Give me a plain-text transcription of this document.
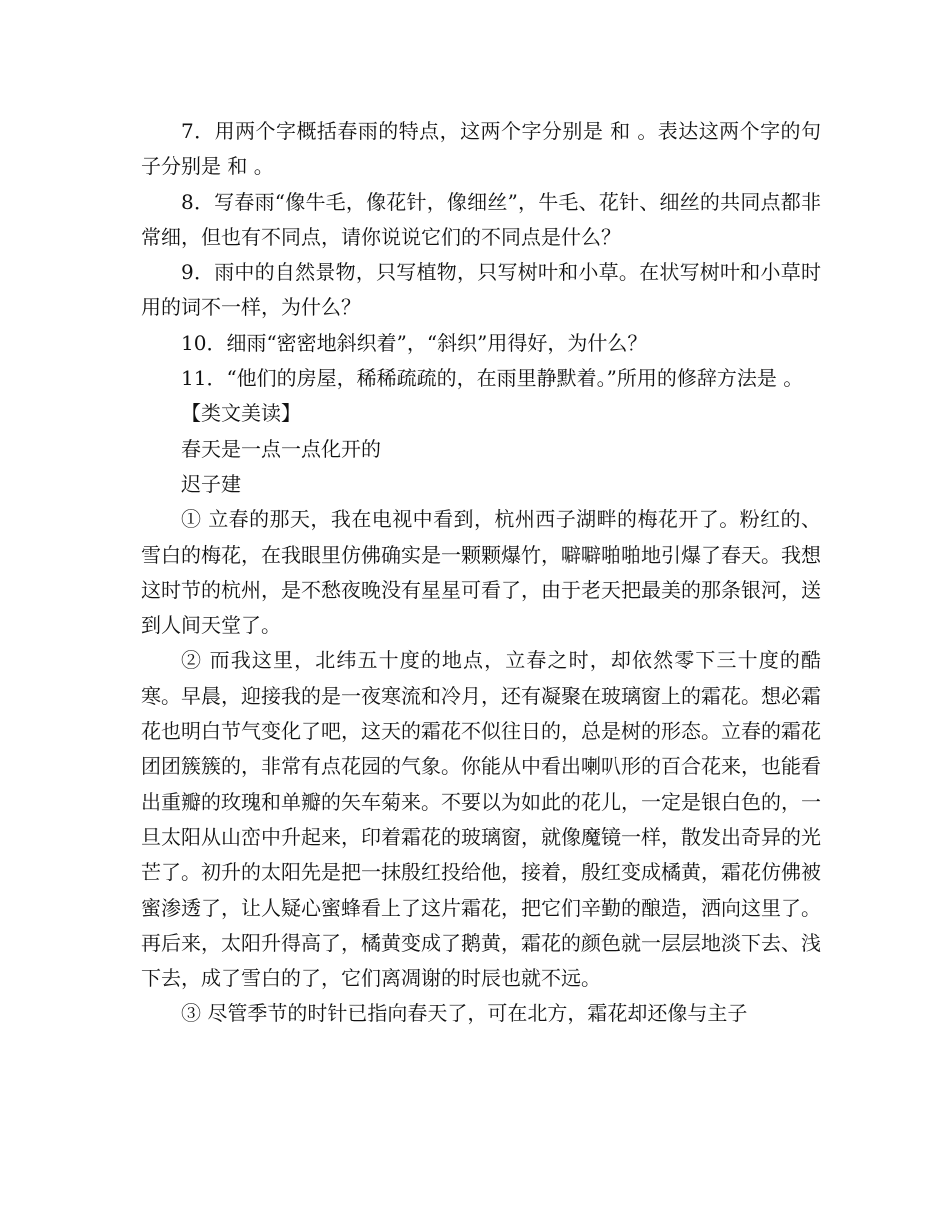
7．用两个字概括春雨的特点，这两个字分别是 和 。表达这两个字的句子分别是 和 。

8．写春雨“像牛毛，像花针，像细丝”，牛毛、花针、细丝的共同点都非常细，但也有不同点，请你说说它们的不同点是什么？

9．雨中的自然景物，只写植物，只写树叶和小草。在状写树叶和小草时用的词不一样，为什么？

10．细雨“密密地斜织着”，“斜织”用得好，为什么？

11．“他们的房屋，稀稀疏疏的，在雨里静默着。”所用的修辞方法是 。

【类文美读】

春天是一点一点化开的

迟子建

① 立春的那天，我在电视中看到，杭州西子湖畔的梅花开了。粉红的、雪白的梅花，在我眼里仿佛确实是一颗颗爆竹，噼噼啪啪地引爆了春天。我想这时节的杭州，是不愁夜晚没有星星可看了，由于老天把最美的那条银河，送到人间天堂了。

② 而我这里，北纬五十度的地点，立春之时，却依然零下三十度的酷寒。早晨，迎接我的是一夜寒流和冷月，还有凝聚在玻璃窗上的霜花。想必霜花也明白节气变化了吧，这天的霜花不似往日的，总是树的形态。立春的霜花团团簇簇的，非常有点花园的气象。你能从中看出喇叭形的百合花来，也能看出重瓣的玫瑰和单瓣的矢车菊来。不要以为如此的花儿，一定是银白色的，一旦太阳从山峦中升起来，印着霜花的玻璃窗，就像魔镜一样，散发出奇异的光芒了。初升的太阳先是把一抹殷红投给他，接着，殷红变成橘黄，霜花仿佛被蜜渗透了，让人疑心蜜蜂看上了这片霜花，把它们辛勤的酿造，洒向这里了。再后来，太阳升得高了，橘黄变成了鹅黄，霜花的颜色就一层层地淡下去、浅下去，成了雪白的了，它们离凋谢的时辰也就不远。

③ 尽管季节的时针已指向春天了，可在北方，霜花却还像与主子
